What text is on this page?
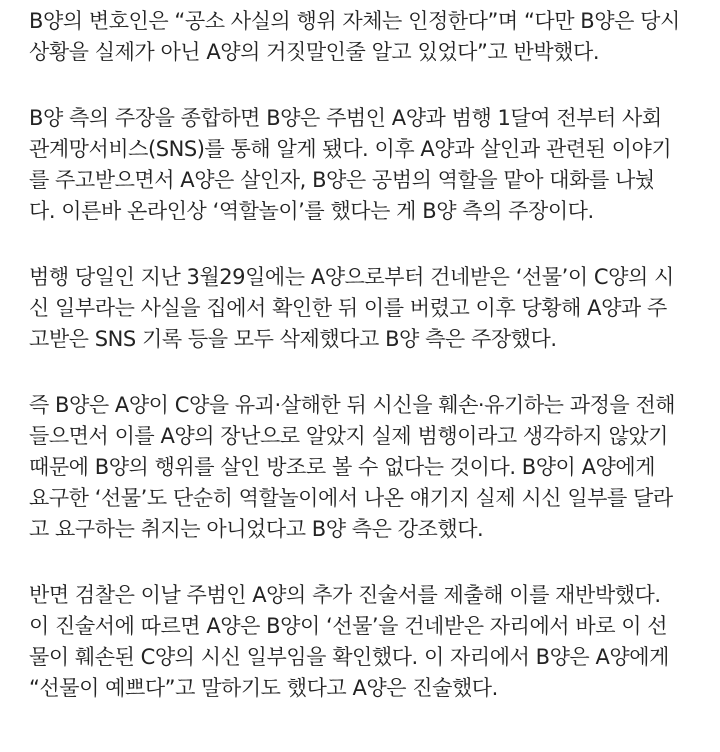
B양의 변호인은 “공소 사실의 행위 자체는 인정한다”며 “다만 B양은 당시
상황을 실제가 아닌 A양의 거짓말인줄 알고 있었다”고 반박했다.
B양 측의 주장을 종합하면 B양은 주범인 A양과 범행 1달여 전부터 사회
관계망서비스(SNS)를 통해 알게 됐다. 이후 A양과 살인과 관련된 이야기
를 주고받으면서 A양은 살인자, B양은 공범의 역할을 맡아 대화를 나눴
다. 이른바 온라인상 ‘역할놀이’를 했다는 게 B양 측의 주장이다.
범행 당일인 지난 3월29일에는 A양으로부터 건네받은 ‘선물’이 C양의 시
신 일부라는 사실을 집에서 확인한 뒤 이를 버렸고 이후 당황해 A양과 주
고받은 SNS 기록 등을 모두 삭제했다고 B양 측은 주장했다.
즉 B양은 A양이 C양을 유괴·살해한 뒤 시신을 훼손·유기하는 과정을 전해
들으면서 이를 A양의 장난으로 알았지 실제 범행이라고 생각하지 않았기
때문에 B양의 행위를 살인 방조로 볼 수 없다는 것이다. B양이 A양에게
요구한 ‘선물’도 단순히 역할놀이에서 나온 얘기지 실제 시신 일부를 달라
고 요구하는 취지는 아니었다고 B양 측은 강조했다.
반면 검찰은 이날 주범인 A양의 추가 진술서를 제출해 이를 재반박했다.
이 진술서에 따르면 A양은 B양이 ‘선물’을 건네받은 자리에서 바로 이 선
물이 훼손된 C양의 시신 일부임을 확인했다. 이 자리에서 B양은 A양에게
“선물이 예쁘다”고 말하기도 했다고 A양은 진술했다.
